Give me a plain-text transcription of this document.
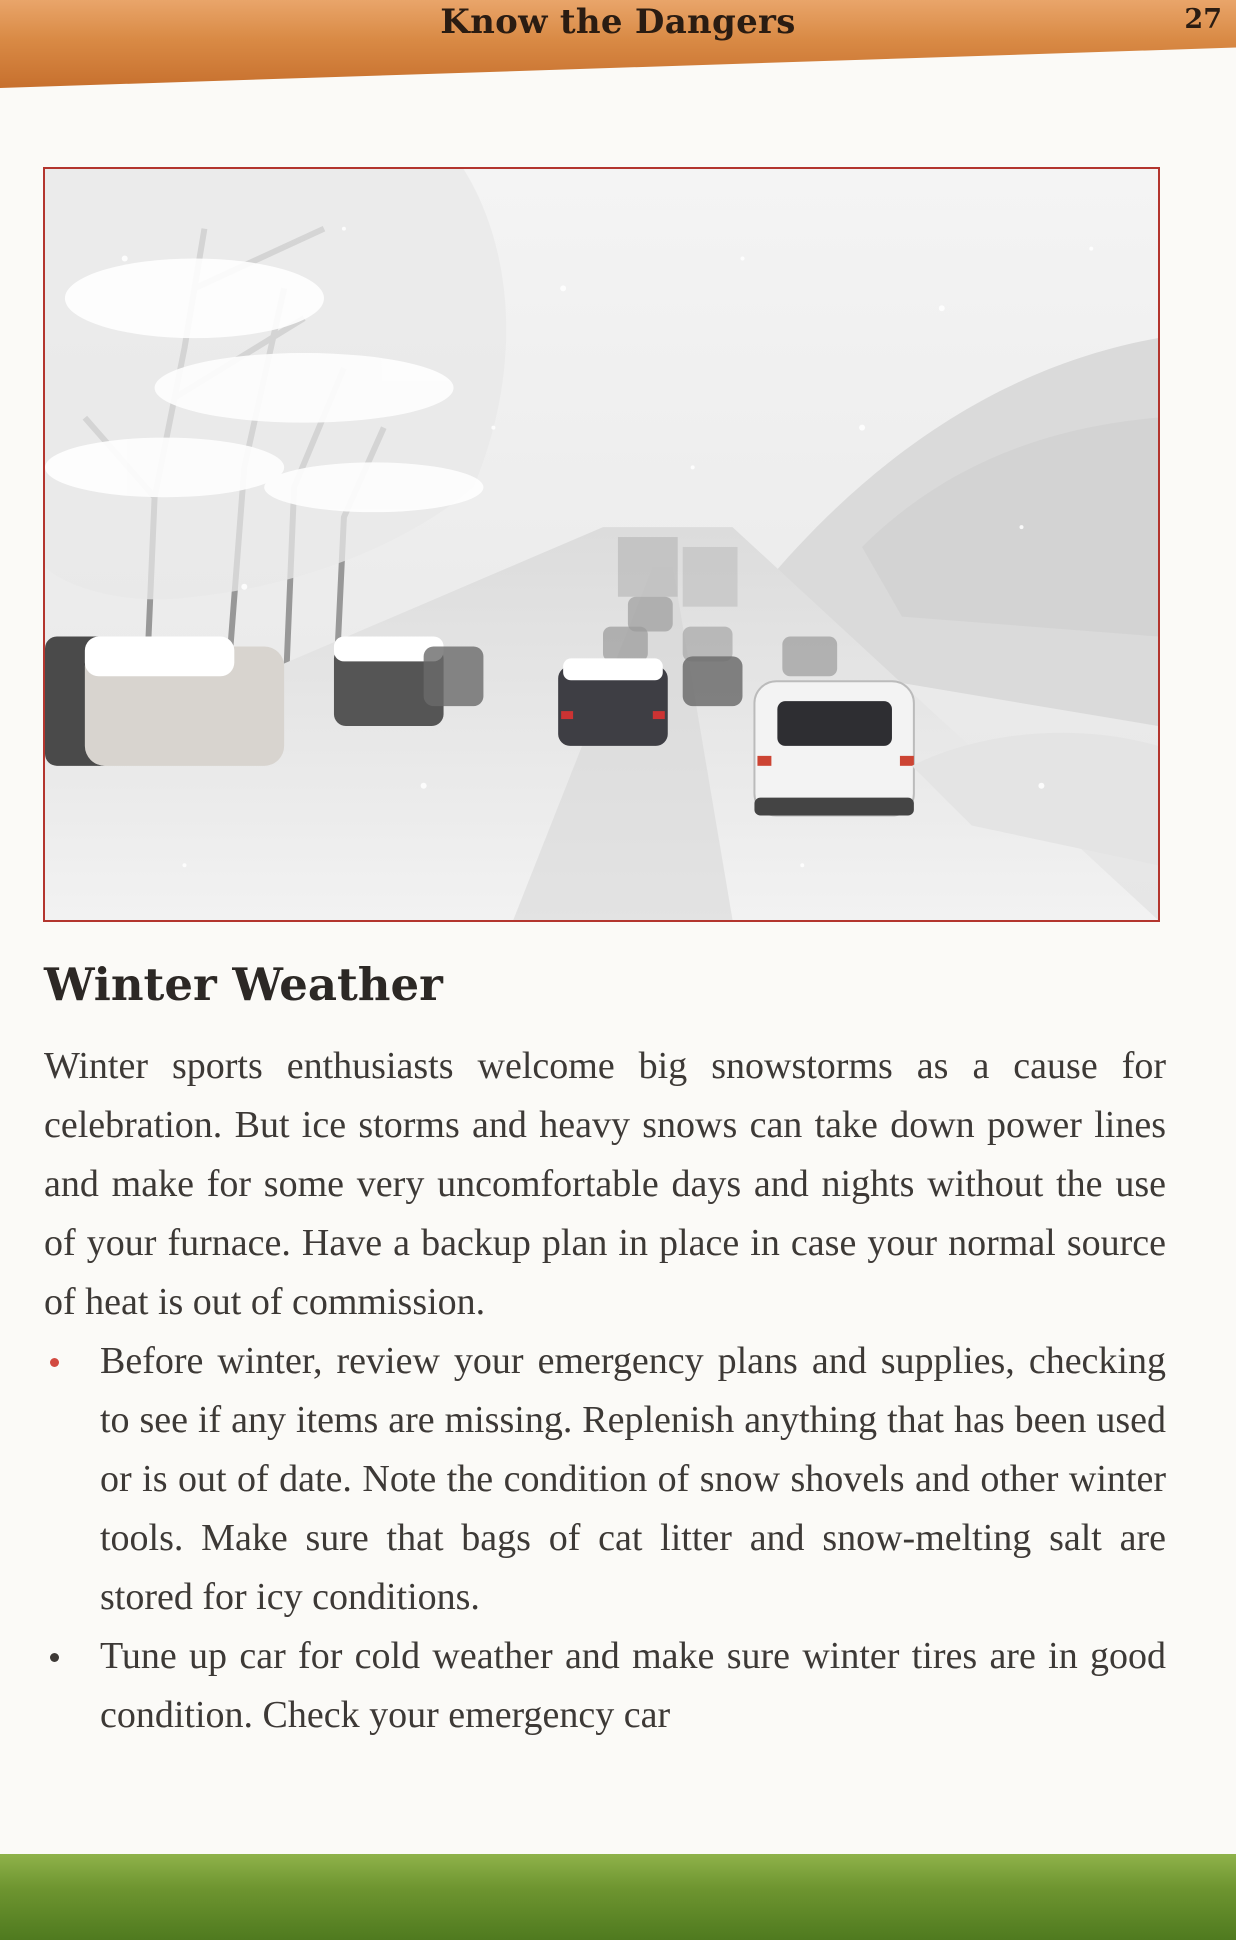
Know the Dangers	27
Winter Weather

Winter sports enthusiasts welcome big snowstorms as a cause for celebration. But ice storms and heavy snows can take down power lines and make for some very uncomfortable days and nights without the use of your furnace. Have a backup plan in place in case your normal source of heat is out of commission.

Before winter, review your emergency plans and supplies, checking to see if any items are missing. Replenish anything that has been used or is out of date. Note the condition of snow shovels and other winter tools. Make sure that bags of cat litter and snow-melting salt are stored for icy conditions.
Tune up car for cold weather and make sure winter tires are in good condition. Check your emergency car
